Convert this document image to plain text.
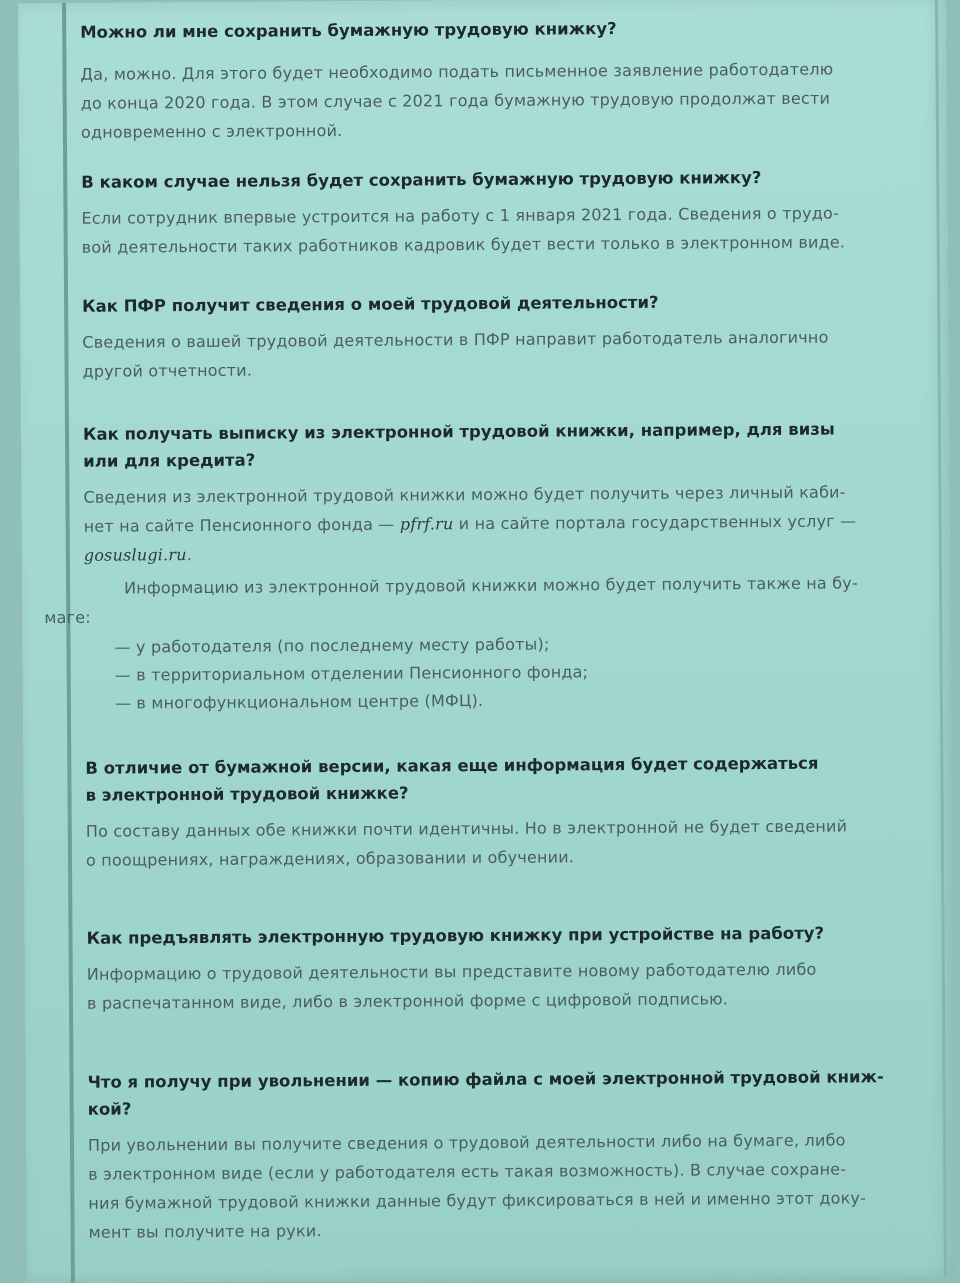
Можно ли мне сохранить бумажную трудовую книжку?

Да, можно. Для этого будет необходимо подать письменное заявление работодателю
до конца 2020 года. В этом случае с 2021 года бумажную трудовую продолжат вести
одновременно с электронной.

В каком случае нельзя будет сохранить бумажную трудовую книжку?

Если сотрудник впервые устроится на работу с 1 января 2021 года. Сведения о трудо-
вой деятельности таких работников кадровик будет вести только в электронном виде.

Как ПФР получит сведения о моей трудовой деятельности?

Сведения о вашей трудовой деятельности в ПФР направит работодатель аналогично
другой отчетности.

Как получать выписку из электронной трудовой книжки, например, для визы
или для кредита?

Сведения из электронной трудовой книжки можно будет получить через личный каби-
нет на сайте Пенсионного фонда — pfrf.ru и на сайте портала государственных услуг —
gosuslugi.ru.

Информацию из электронной трудовой книжки можно будет получить также на бу-
маге:

— у работодателя (по последнему месту работы);
— в территориальном отделении Пенсионного фонда;
— в многофункциональном центре (МФЦ).

В отличие от бумажной версии, какая еще информация будет содержаться
в электронной трудовой книжке?

По составу данных обе книжки почти идентичны. Но в электронной не будет сведений
о поощрениях, награждениях, образовании и обучении.

Как предъявлять электронную трудовую книжку при устройстве на работу?

Информацию о трудовой деятельности вы представите новому работодателю либо
в распечатанном виде, либо в электронной форме с цифровой подписью.

Что я получу при увольнении — копию файла с моей электронной трудовой книж-
кой?

При увольнении вы получите сведения о трудовой деятельности либо на бумаге, либо
в электронном виде (если у работодателя есть такая возможность). В случае сохране-
ния бумажной трудовой книжки данные будут фиксироваться в ней и именно этот доку-
мент вы получите на руки.
